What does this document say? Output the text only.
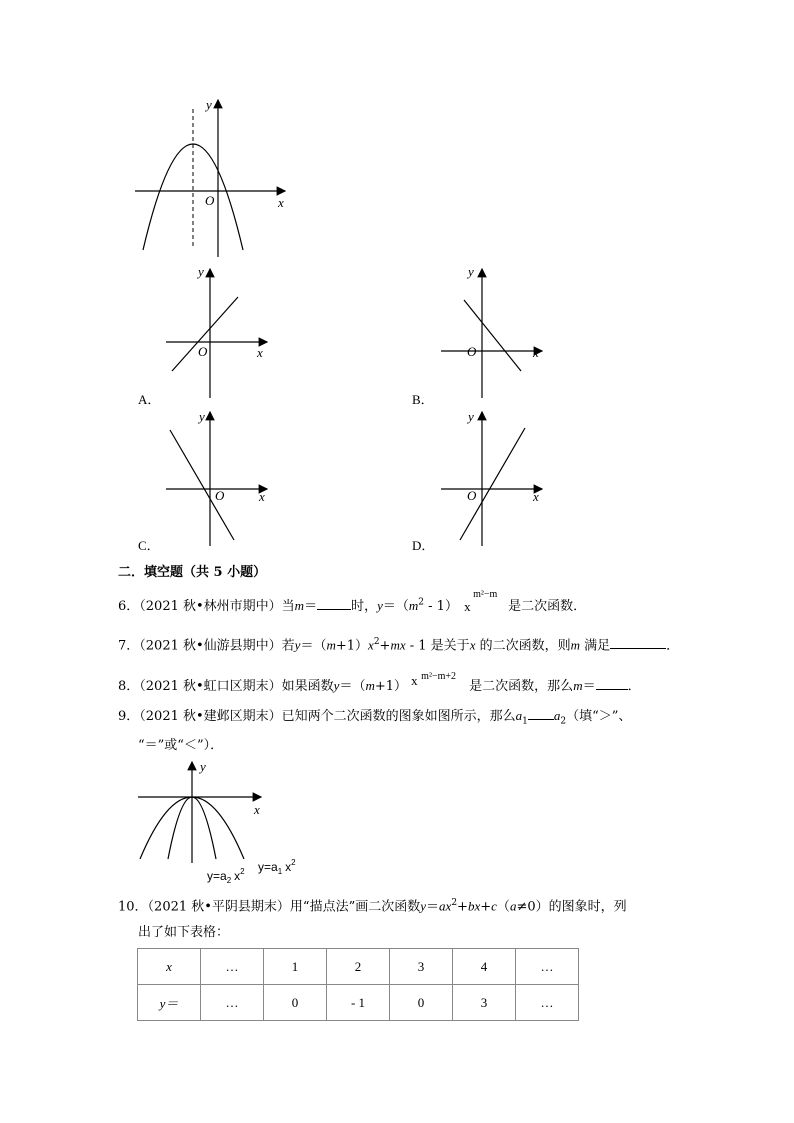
y
x
O
y
x
O
A．
y
x
O
B．
y
x
O
C．
y
x
O
D．
二．填空题（共 5 小题）
6．（2021 秋•林州市期中）当m＝	时，$y=(m^2 - 1)$ x
m²−m
是二次函数．
7．（2021 秋•仙游县期中）若$y=(m+1)x^2+mx - 1$ 是关于x 的二次函数，则m 满足	．
8．（2021 秋•虹口区期末）如果函数y＝（m+1） x m²−m+2
是二次函数，那么m＝ ．
9．（2021 秋•建邺区期末）已知两个二次函数的图象如图所示，那么$a_1$ $a_2$（填“＞”、
“＝”或“＜”）．
y
x
$y=a_2$ $x^2$ $y=a_1$ $x^2$
10．（2021 秋•平阴县期末）用“描点法”画二次函数$y=ax^2+bx+c(a\ne 0)$的图象时，列
出了如下表格：
x	…	1	2	3	4	…
y＝	…	0	- 1	0	3	…
